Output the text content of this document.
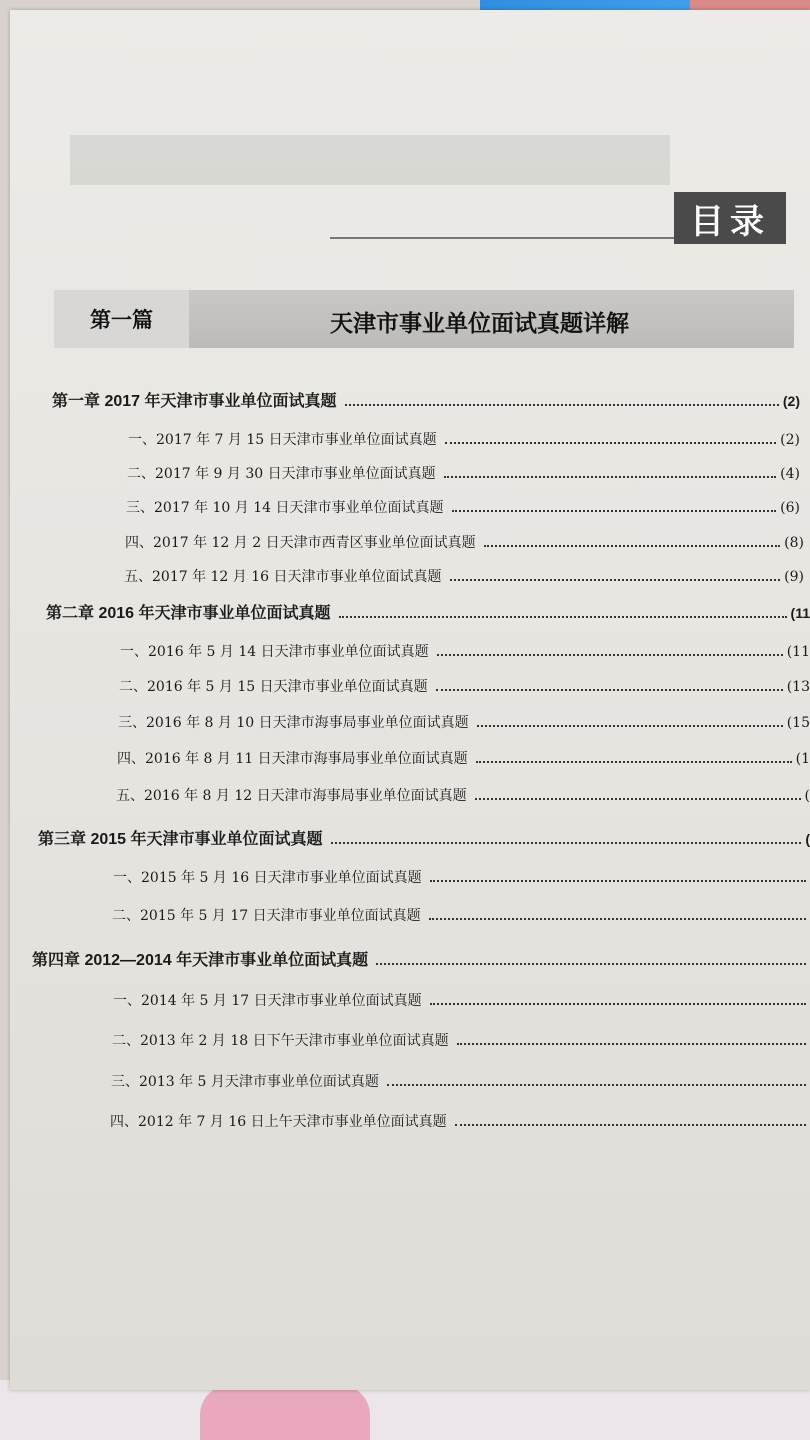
目录
第一篇	天津市事业单位面试真题详解
第一章 2017 年天津市事业单位面试真题	(2)
一、2017 年 7 月 15 日天津市事业单位面试真题	(2)
二、2017 年 9 月 30 日天津市事业单位面试真题	(4)
三、2017 年 10 月 14 日天津市事业单位面试真题	(6)
四、2017 年 12 月 2 日天津市西青区事业单位面试真题	(8)
五、2017 年 12 月 16 日天津市事业单位面试真题	(9)
第二章 2016 年天津市事业单位面试真题	(11
一、2016 年 5 月 14 日天津市事业单位面试真题	(11
二、2016 年 5 月 15 日天津市事业单位面试真题	(13
三、2016 年 8 月 10 日天津市海事局事业单位面试真题	(15
四、2016 年 8 月 11 日天津市海事局事业单位面试真题	(1
五、2016 年 8 月 12 日天津市海事局事业单位面试真题	(
第三章 2015 年天津市事业单位面试真题	(
一、2015 年 5 月 16 日天津市事业单位面试真题
二、2015 年 5 月 17 日天津市事业单位面试真题
第四章 2012—2014 年天津市事业单位面试真题
一、2014 年 5 月 17 日天津市事业单位面试真题
二、2013 年 2 月 18 日下午天津市事业单位面试真题
三、2013 年 5 月天津市事业单位面试真题
四、2012 年 7 月 16 日上午天津市事业单位面试真题
